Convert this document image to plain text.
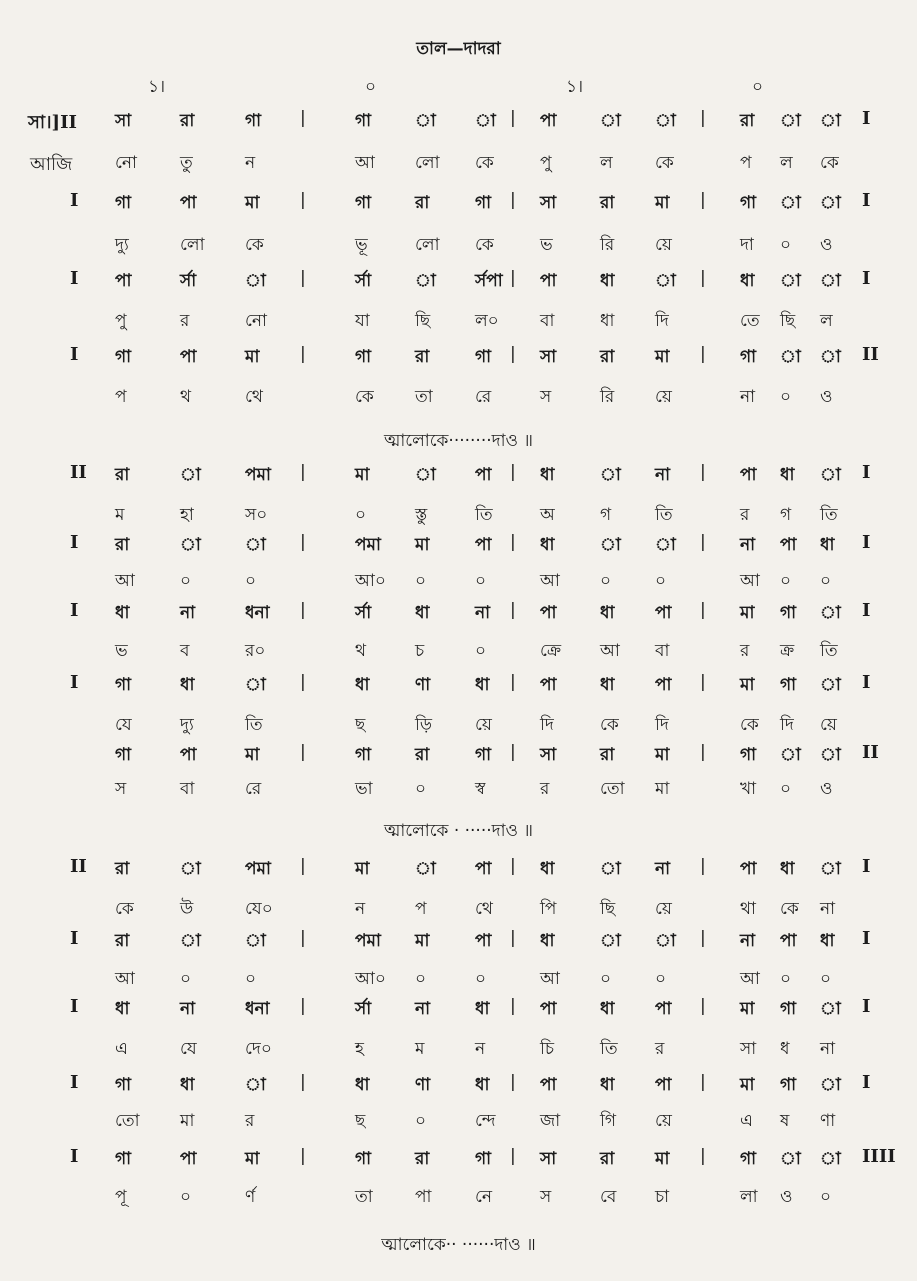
তাল—দাদরা
১।	০	১।	০
সা।]II সা	রা	গা |	গা	া া | পা	া া | রা া া I
আজি	নো	তু	ন	আ লো কে	পু	ল কে	প ল কে
I গা	পা	মা |	গা	রা	গা | সা	রা মা | গা া া I
দ্যু	লো কে	ভূ	লো কে	ভ	রি য়ে	দা ০ ও
I পা	র্সা	া |	র্সা	া র্সপা | পা	ধা া | ধা া া I
পু	র	নো	যা	ছি	ল০ বা	ধা দি	তে ছি ল
I গা	পা	মা |	গা	রা	গা | সা	রা মা | গা া া II
প	থ	থে	কে তা রে	স	রি য়ে	না ০ ও
II রা	া	পমা |	মা	া পা | ধা	া না | পা ধা া I
ম	হা	স০	০	স্তু	তি	অ	গ	তি	র গ তি
I রা	া	া |	পমা মা	পা | ধা	া া | না পা ধা I
আ	০	০	আ০ ০	০	আ ০	০	আ ০ ০
I ধা	না	ধনা |	র্সা	ধা	না | পা	ধা পা | মা গা া I
ভ	ব	র০	থ	চ	০	ক্রে আ বা	র ক্র তি
I গা	ধা	া |	ধা	ণা	ধা | পা	ধা পা | মা গা া I
যে	দ্যু	তি	ছ	ড়ি	য়ে	দি	কে দি	কে দি য়ে
গা	পা	মা |	গা	রা	গা | সা	রা মা | গা া া II
স	বা	রে	ভা ০	স্ব	র	তো মা	খা ০ ও
II রা	া	পমা |	মা	া পা | ধা	া না | পা ধা া I
কে	উ	যে০	ন	প	থে	পি	ছি য়ে	থা কে না
I রা	া	া |	পমা মা	পা | ধা	া া | না পা ধা I
আ	০	০	আ০ ০	০	আ ০	০	আ ০ ০
I ধা	না	ধনা |	র্সা	না	ধা | পা	ধা পা | মা গা া I
এ	যে	দে০	হ	ম	ন	চি	তি র	সা ধ না
I গা	ধা	া |	ধা	ণা	ধা | পা	ধা পা | মা গা া I
তো মা	র	ছ	০	ন্দে	জা গি য়ে	এ ষ ণা
I গা	পা	মা |	গা	রা	গা | সা	রা মা | গা া া IIII
পূ	০	র্ণ	তা পা	নে	স	বে চা	লা ও ০
ত্মালোকে········দাও ॥
ত্মালোকে · ·····দাও ॥
ত্মালোকে·· ······দাও ॥
